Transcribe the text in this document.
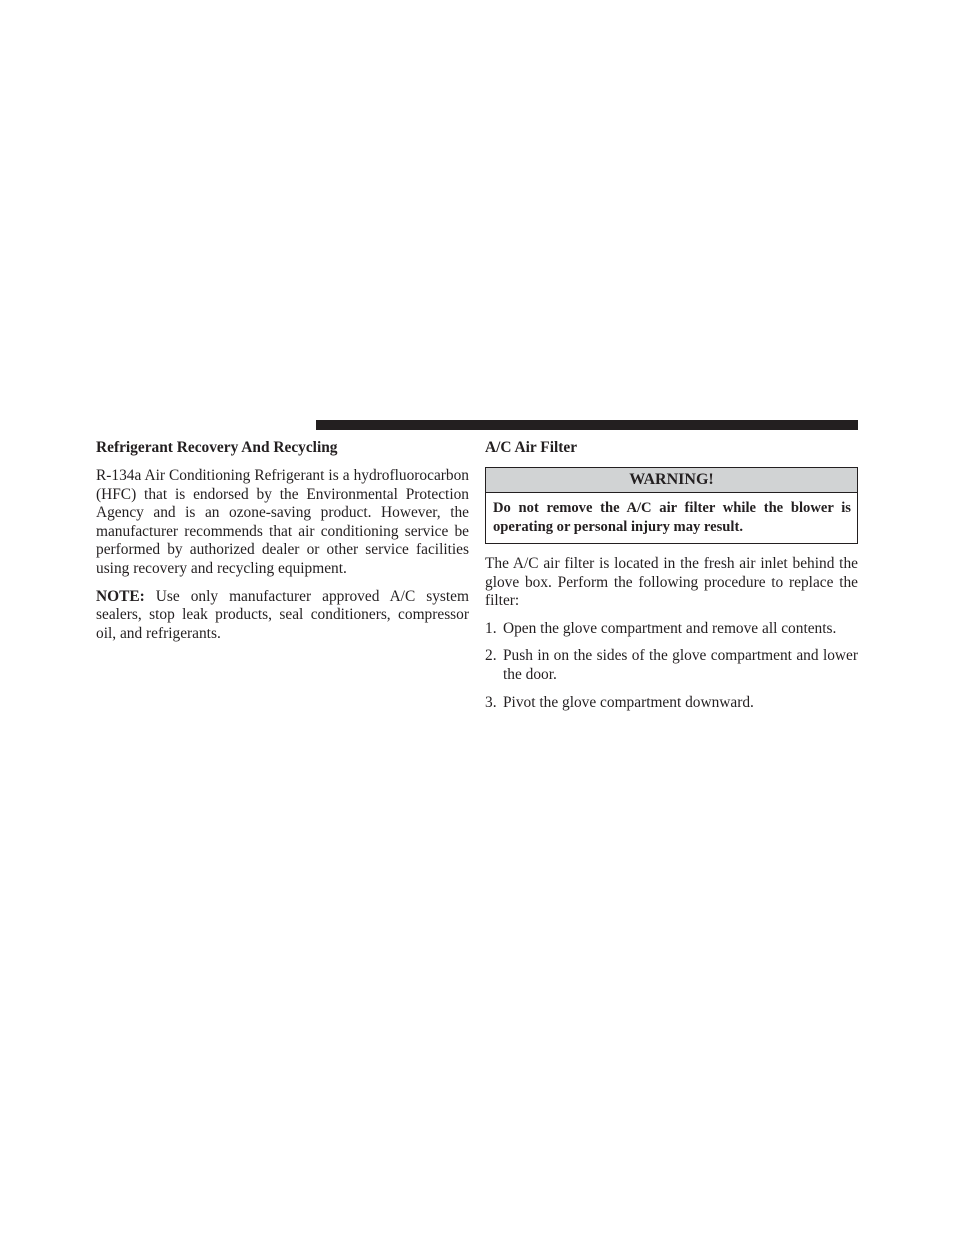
Refrigerant Recovery And Recycling

R-134a Air Conditioning Refrigerant is a hydrofluorocarbon (HFC) that is endorsed by the Environmental Protection Agency and is an ozone-saving product. However, the manufacturer recommends that air conditioning service be performed by authorized dealer or other service facilities using recovery and recycling equipment.

NOTE: Use only manufacturer approved A/C system sealers, stop leak products, seal conditioners, compressor oil, and refrigerants.

A/C Air Filter
WARNING!
Do not remove the A/C air filter while the blower is operating or personal injury may result.

The A/C air filter is located in the fresh air inlet behind the glove box. Perform the following procedure to replace the filter:

1. Open the glove compartment and remove all contents.
2. Push in on the sides of the glove compartment and lower the door.
3. Pivot the glove compartment downward.
